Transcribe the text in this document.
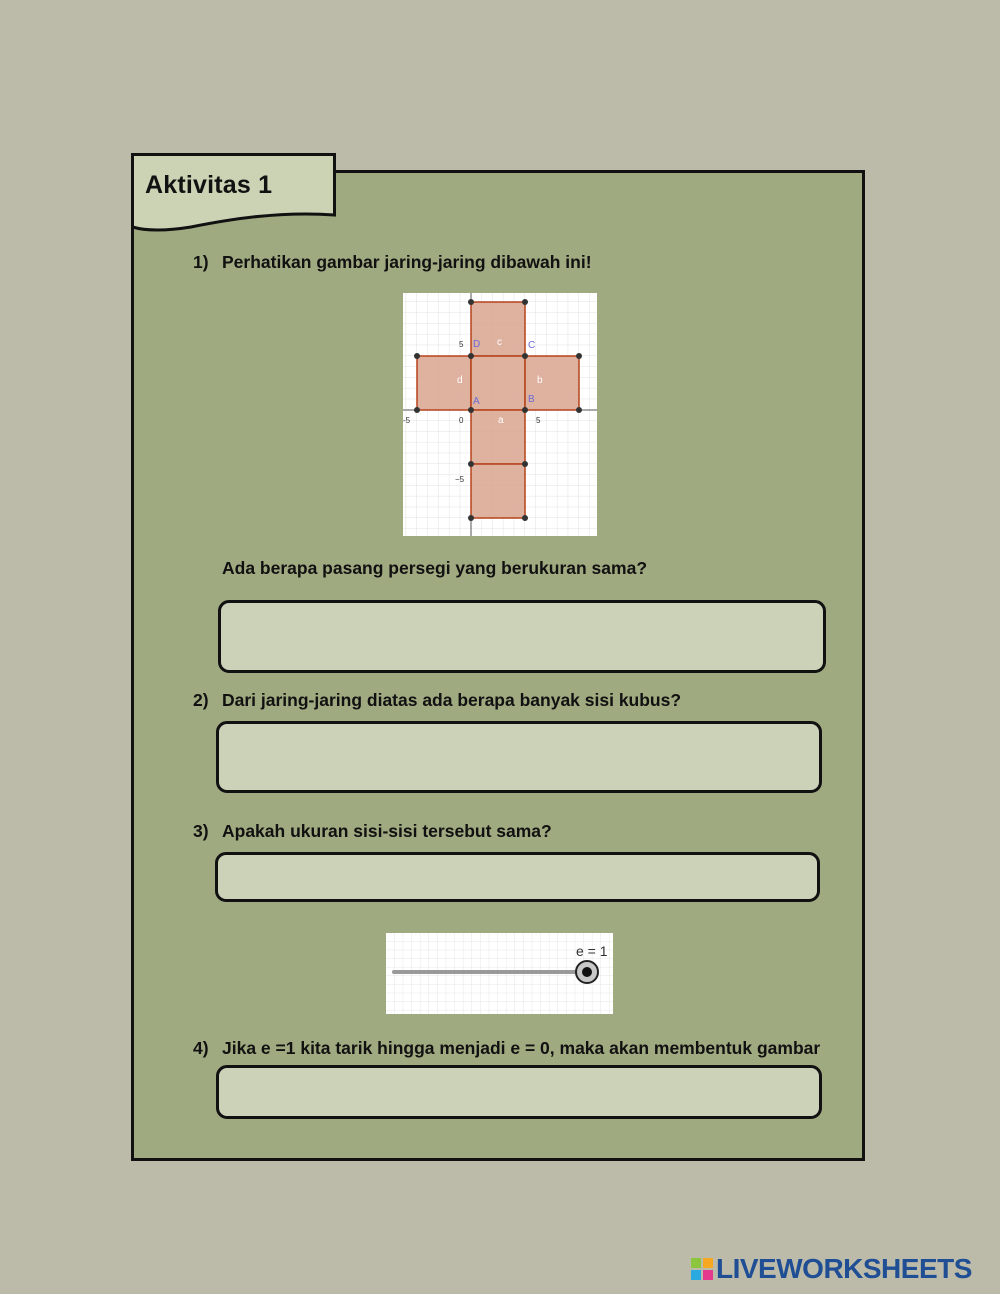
Aktivitas 1
1) Perhatikan gambar jaring-jaring dibawah ini!
-5	0	5
5
−5
D	C
A	B
c
b
d
a
Ada berapa pasang persegi yang berukuran sama?
2) Dari jaring-jaring diatas ada berapa banyak sisi kubus?
3) Apakah ukuran sisi-sisi tersebut sama?
e = 1
4) Jika e =1 kita tarik hingga menjadi e = 0, maka akan membentuk gambar
LIVEWORKSHEETS
